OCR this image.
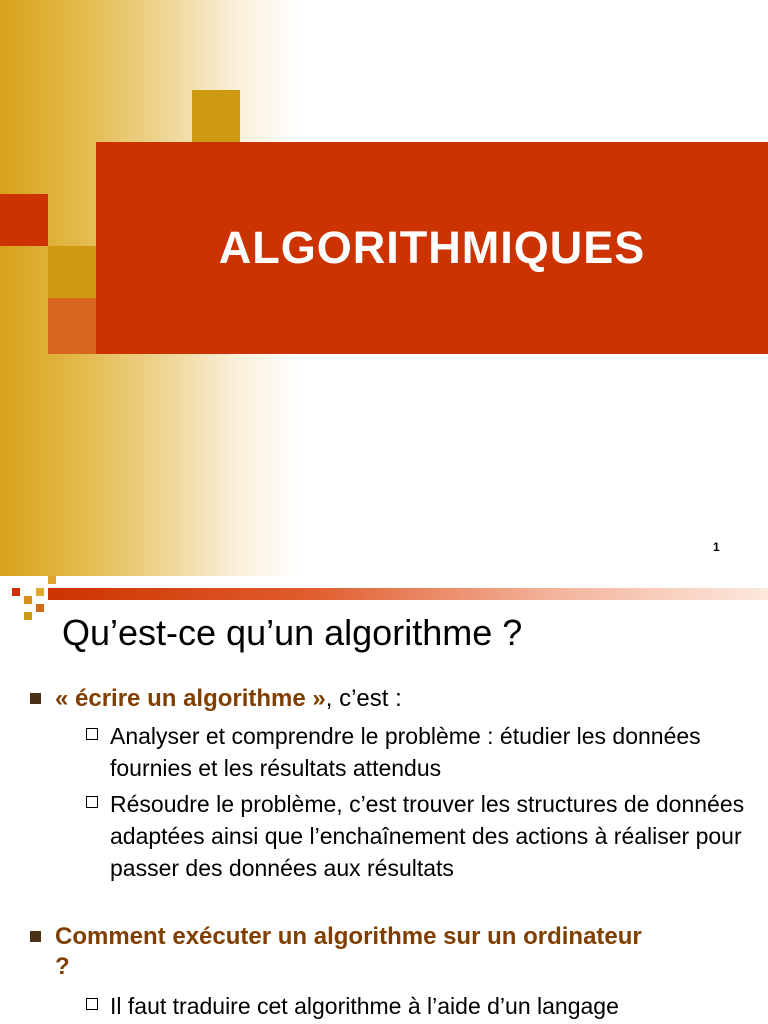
ALGORITHMIQUES
1
Qu’est-ce qu’un algorithme ?
« écrire un algorithme », c’est :
Analyser et comprendre le problème : étudier les données fournies et les résultats attendus
Résoudre le problème, c’est trouver les structures de données adaptées ainsi que l’enchaînement des actions à réaliser pour passer des données aux résultats
Comment exécuter un algorithme sur un ordinateur ?
Il faut traduire cet algorithme à l’aide d’un langage
